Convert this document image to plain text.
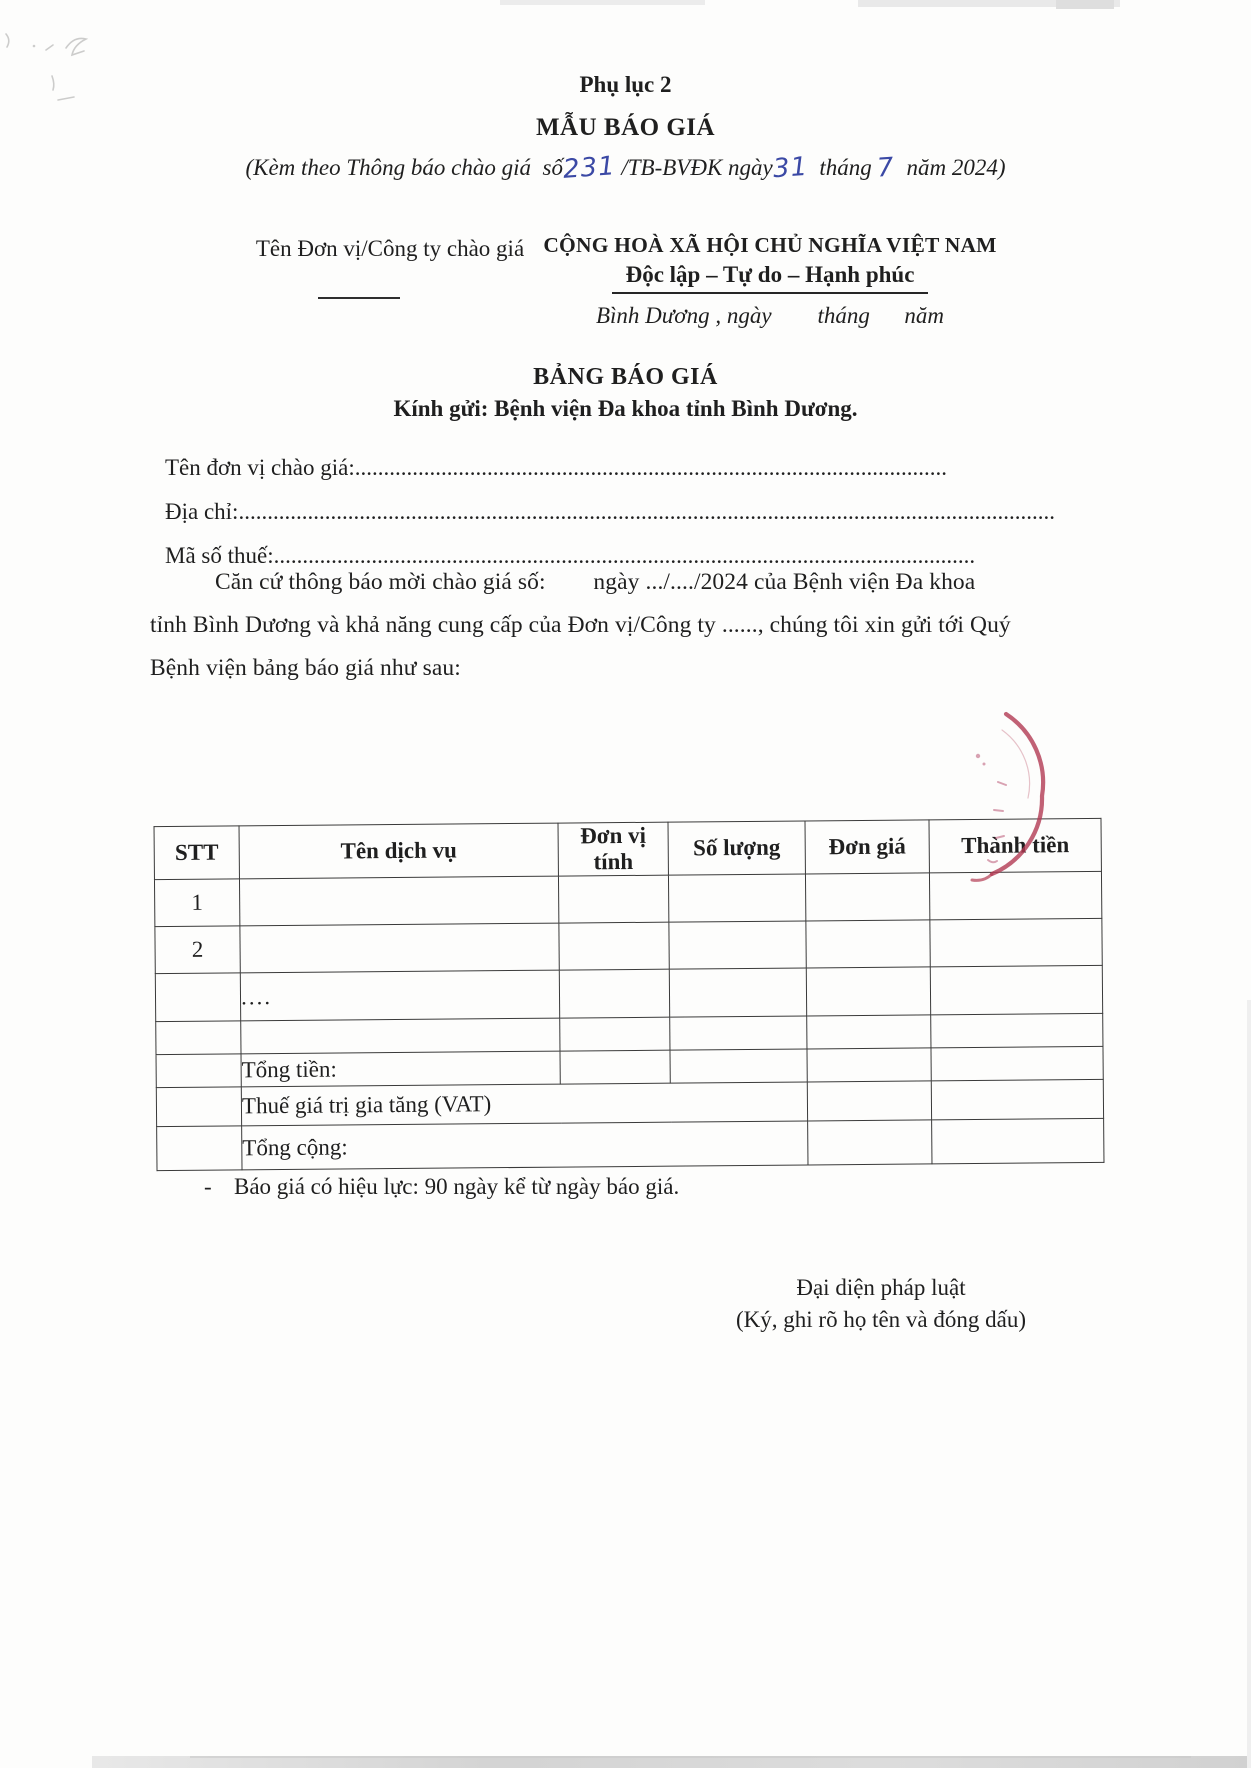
Phụ lục 2
MẪU BÁO GIÁ
(Kèm theo Thông báo chào giá  số231 /TB-BVĐK ngày31  tháng 7  năm 2024)
Tên Đơn vị/Công ty chào giá CỘNG HOÀ XÃ HỘI CHỦ NGHĨA VIỆT NAM
Độc lập – Tự do – Hạnh phúc
Bình Dương , ngày        tháng      năm
BẢNG BÁO GIÁ
Kính gửi: Bệnh viện Đa khoa tỉnh Bình Dương.
Tên đơn vị chào giá:.......................................................................................................
Địa chỉ:..............................................................................................................................................
Mã số thuế:..........................................................................................................................
Căn cứ thông báo mời chào giá số:        ngày .../..../2024 của Bệnh viện Đa khoa
tỉnh Bình Dương và khả năng cung cấp của Đơn vị/Công ty ......, chúng tôi xin gửi tới Quý
Bệnh viện bảng báo giá như sau:
STT	Tên dịch vụ	Đơn vị tính	Số lượng	Đơn giá	Thành tiền
1					
2					
	....				

	Tổng tiền:				
	Thuế giá trị gia tăng (VAT)				
	Tổng cộng:				
- Báo giá có hiệu lực: 90 ngày kể từ ngày báo giá.
Đại diện pháp luật
(Ký, ghi rõ họ tên và đóng dấu)
